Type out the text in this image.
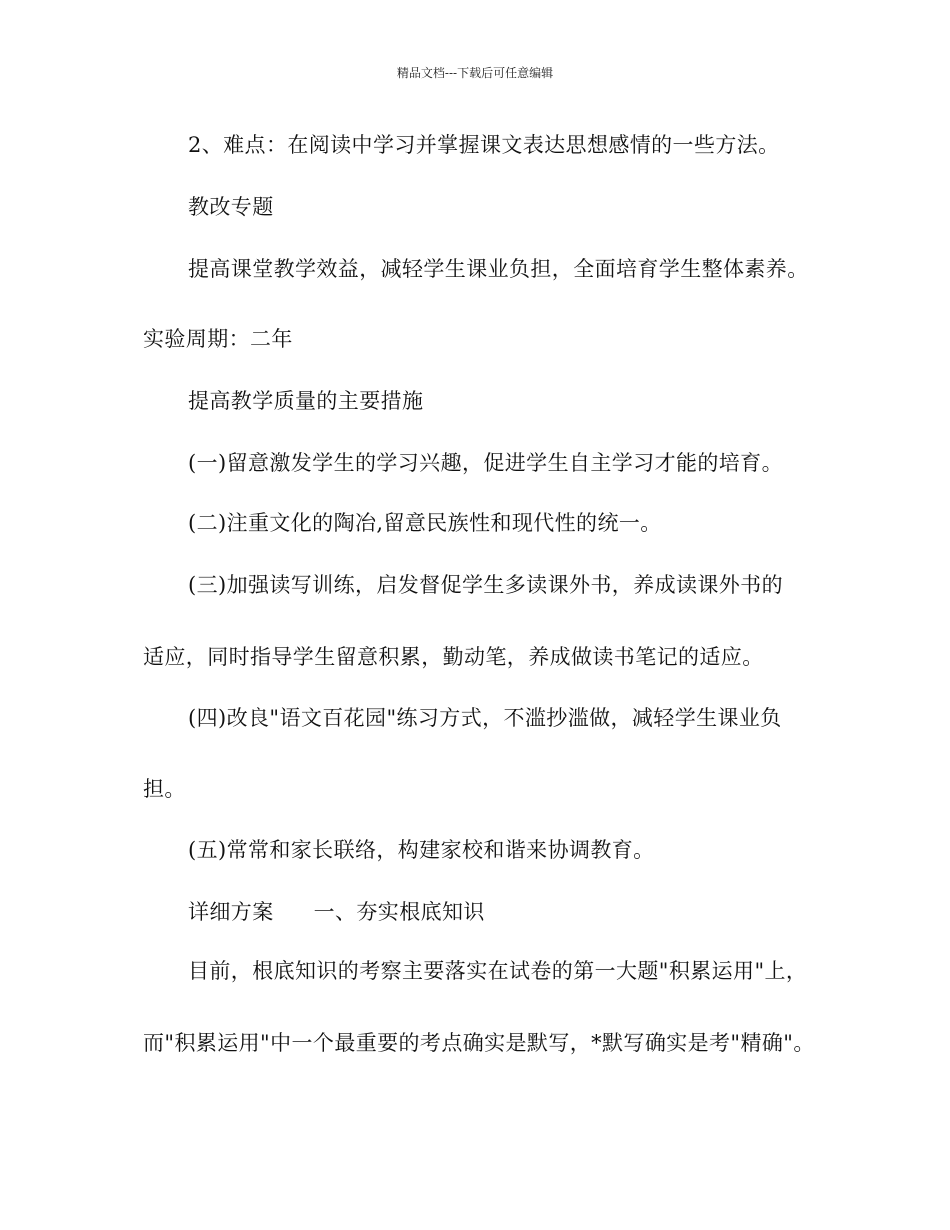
精品文档---下载后可任意编辑
2、难点：在阅读中学习并掌握课文表达思想感情的一些方法。
教改专题
提高课堂教学效益，减轻学生课业负担，全面培育学生整体素养。
实验周期：二年
提高教学质量的主要措施
(一)留意激发学生的学习兴趣，促进学生自主学习才能的培育。
(二)注重文化的陶冶,留意民族性和现代性的统一。
(三)加强读写训练，启发督促学生多读课外书，养成读课外书的
适应，同时指导学生留意积累，勤动笔，养成做读书笔记的适应。
(四)改良"语文百花园"练习方式，不滥抄滥做，减轻学生课业负
担。
(五)常常和家长联络，构建家校和谐来协调教育。
详细方案 一、夯实根底知识
目前，根底知识的考察主要落实在试卷的第一大题"积累运用"上，
而"积累运用"中一个最重要的考点确实是默写，*默写确实是考"精确"。
